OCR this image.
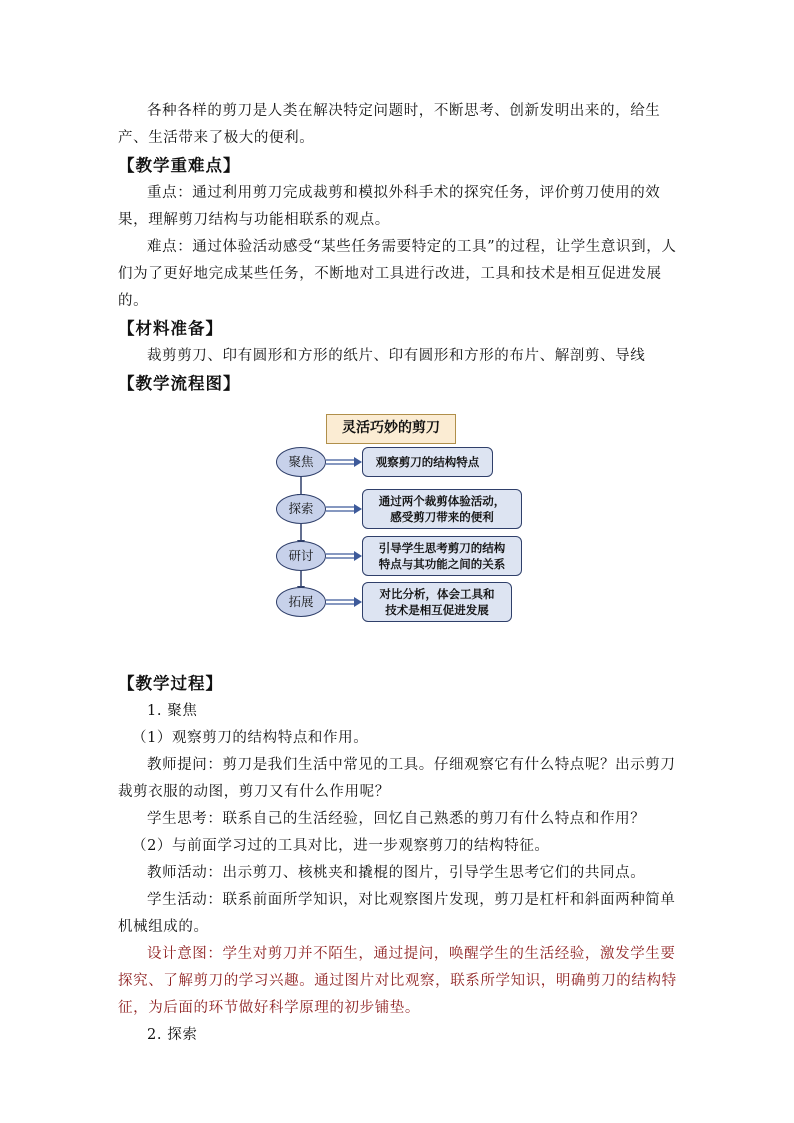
各种各样的剪刀是人类在解决特定问题时，不断思考、创新发明出来的，给生产、生活带来了极大的便利。

【教学重难点】

重点：通过利用剪刀完成裁剪和模拟外科手术的探究任务，评价剪刀使用的效果，理解剪刀结构与功能相联系的观点。

难点：通过体验活动感受“某些任务需要特定的工具”的过程，让学生意识到，人们为了更好地完成某些任务，不断地对工具进行改进，工具和技术是相互促进发展的。

【材料准备】

裁剪剪刀、印有圆形和方形的纸片、印有圆形和方形的布片、解剖剪、导线

【教学流程图】

灵活巧妙的剪刀
聚焦	观察剪刀的结构特点
探索	通过两个裁剪体验活动，
感受剪刀带来的便利
研讨	引导学生思考剪刀的结构
特点与其功能之间的关系
拓展	对比分析，体会工具和
技术是相互促进发展

【教学过程】

1. 聚焦

（1）观察剪刀的结构特点和作用。

教师提问：剪刀是我们生活中常见的工具。仔细观察它有什么特点呢？出示剪刀裁剪衣服的动图，剪刀又有什么作用呢？

学生思考：联系自己的生活经验，回忆自己熟悉的剪刀有什么特点和作用？

（2）与前面学习过的工具对比，进一步观察剪刀的结构特征。

教师活动：出示剪刀、核桃夹和撬棍的图片，引导学生思考它们的共同点。

学生活动：联系前面所学知识，对比观察图片发现，剪刀是杠杆和斜面两种简单机械组成的。

设计意图：学生对剪刀并不陌生，通过提问，唤醒学生的生活经验，激发学生要探究、了解剪刀的学习兴趣。通过图片对比观察，联系所学知识，明确剪刀的结构特征，为后面的环节做好科学原理的初步铺垫。

2. 探索
